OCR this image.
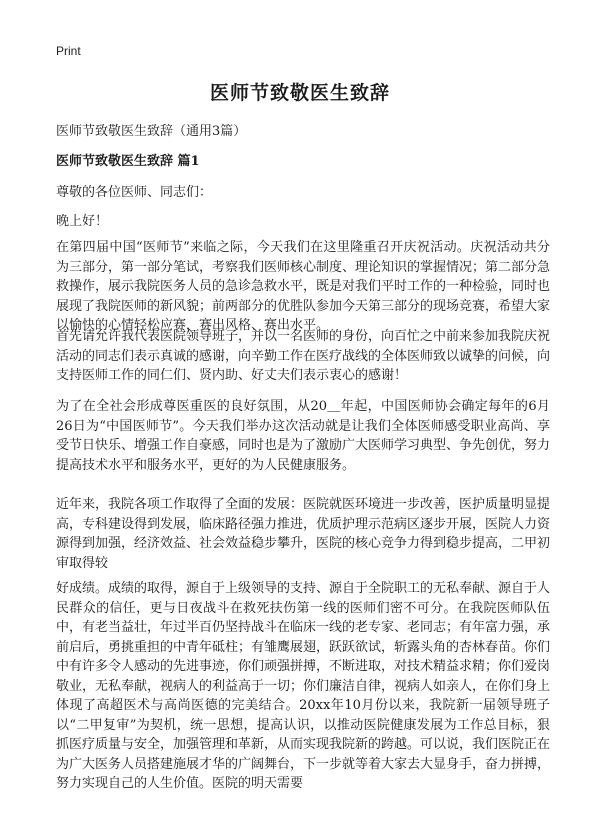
Print
医师节致敬医生致辞
医师节致敬医生致辞（通用3篇）
医师节致敬医生致辞 篇1
尊敬的各位医师、同志们：
晚上好！

在第四届中国“医师节”来临之际，今天我们在这里隆重召开庆祝活动。庆祝活动共分为三部分，第一部分笔试，考察我们医师核心制度、理论知识的掌握情况；第二部分急救操作，展示我院医务人员的急诊急救水平，既是对我们平时工作的一种检验，同时也展现了我院医师的新风貌；前两部分的优胜队参加今天第三部分的现场竞赛，希望大家以愉快的心情轻松应赛，赛出风格、赛出水平。

首先请允许我代表医院领导班子，并以一名医师的身份，向百忙之中前来参加我院庆祝活动的同志们表示真诚的感谢，向辛勤工作在医疗战线的全体医师致以诚挚的问候，向支持医师工作的同仁们、贤内助、好丈夫们表示衷心的感谢！

为了在全社会形成尊医重医的良好氛围，从20＿年起，中国医师协会确定每年的6月26日为“中国医师节”。今天我们举办这次活动就是让我们全体医师感受职业高尚、享受节日快乐、增强工作自豪感，同时也是为了激励广大医师学习典型、争先创优，努力提高技术水平和服务水平，更好的为人民健康服务。

近年来，我院各项工作取得了全面的发展：医院就医环境进一步改善，医护质量明显提高，专科建设得到发展，临床路径强力推进，优质护理示范病区逐步开展，医院人力资源得到加强，经济效益、社会效益稳步攀升，医院的核心竞争力得到稳步提高，二甲初审取得较

好成绩。成绩的取得，源自于上级领导的支持、源自于全院职工的无私奉献、源自于人民群众的信任，更与日夜战斗在救死扶伤第一线的医师们密不可分。在我院医师队伍中，有老当益壮，年过半百仍坚持战斗在临床一线的老专家、老同志；有年富力强，承前启后，勇挑重担的中青年砥柱；有雏鹰展翅，跃跃欲试，斩露头角的杏林春苗。你们中有许多令人感动的先进事迹，你们顽强拼搏，不断进取，对技术精益求精；你们爱岗敬业，无私奉献，视病人的利益高于一切；你们廉洁自律，视病人如亲人，在你们身上体现了高超医术与高尚医德的完美结合。20xx年10月份以来，我院新一届领导班子以“二甲复审”为契机，统一思想，提高认识，以推动医院健康发展为工作总目标，狠抓医疗质量与安全，加强管理和革新，从而实现我院新的跨越。可以说，我们医院正在为广大医务人员搭建施展才华的广阔舞台，下一步就等着大家去大显身手，奋力拼搏，努力实现自己的人生价值。医院的明天需要
